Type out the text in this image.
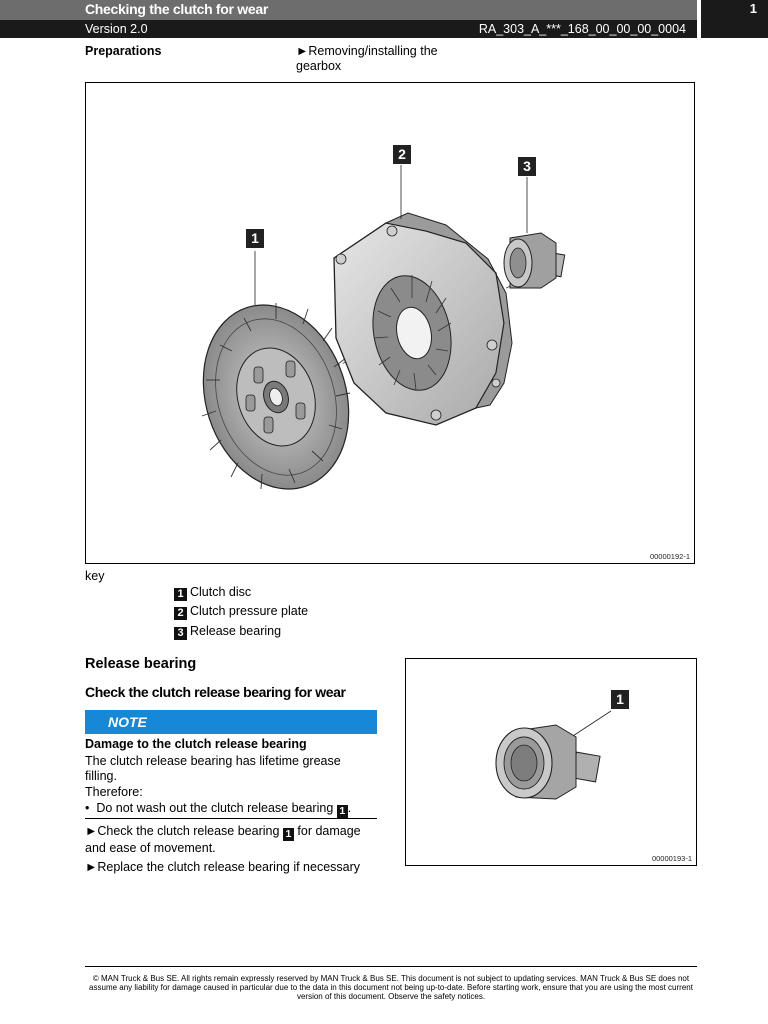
Checking the clutch for wear
Version 2.0	RA_303_A_***_168_00_00_00_0004
1
Preparations	►Removing/installing the gearbox
1
2
3
00000192-1
key
1 Clutch disc
2 Clutch pressure plate
3 Release bearing
Release bearing
Check the clutch release bearing for wear
NOTE
Damage to the clutch release bearing
The clutch release bearing has lifetime grease filling.
Therefore:
•  Do not wash out the clutch release bearing 1 .
►Check the clutch release bearing 1 for damage and ease of movement.
►Replace the clutch release bearing if necessary
1
00000193-1
© MAN Truck & Bus SE. All rights remain expressly reserved by MAN Truck & Bus SE. This document is not subject to updating services. MAN Truck & Bus SE does not assume any liability for damage caused in particular due to the data in this document not being up-to-date. Before starting work, ensure that you are using the most current version of this document. Observe the safety notices.
